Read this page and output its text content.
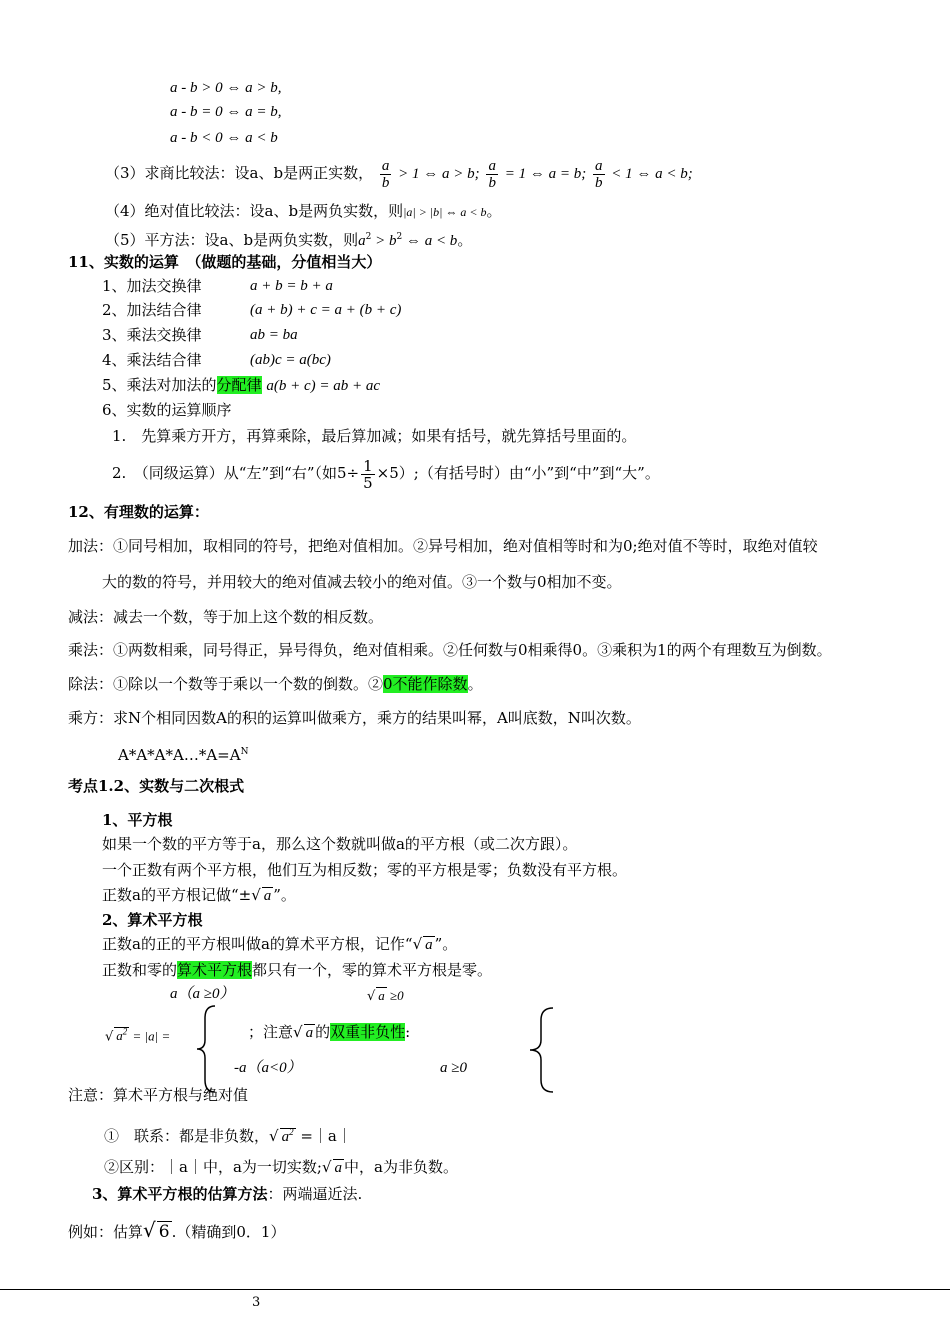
a - b > 0 ⇔ a > b,
a - b = 0 ⇔ a = b,
a - b < 0 ⇔ a < b
（3）求商比较法：设a、b是两正实数， $\frac{a}{b} > 1$ ⇔ a > b; $\frac{a}{b} = 1$ ⇔ a = b; $\frac{a}{b} < 1$ ⇔ a < b;
（4）绝对值比较法：设a、b是两负实数，则|a| > |b| ⇔ a < b。
（5）平方法：设a、b是两负实数，则$a^2 > b^2$ ⇔ a < b。
11、实数的运算　（做题的基础，分值相当大）
1、加法交换律	a + b = b + a
2、加法结合律	(a + b) + c = a + (b + c)
3、乘法交换律	ab = ba
4、乘法结合律	(ab)c = a(bc)
5、乘法对加法的分配律 a(b + c) = ab + ac
6、实数的运算顺序
1.　先算乘方开方，再算乘除，最后算加减；如果有括号，就先算括号里面的。
2.　（同级运算）从“左”到“右”（如$5\div \frac{1}{5}$ ×5）;（有括号时）由“小”到“中”到“大”。
12、有理数的运算：
加法：①同号相加，取相同的符号，把绝对值相加。②异号相加，绝对值相等时和为0;绝对值不等时，取绝对值较
大的数的符号，并用较大的绝对值减去较小的绝对值。③一个数与0相加不变。
减法：减去一个数，等于加上这个数的相反数。
乘法：①两数相乘，同号得正，异号得负，绝对值相乘。②任何数与0相乘得0。③乘积为1的两个有理数互为倒数。
除法：①除以一个数等于乘以一个数的倒数。②0不能作除数。
乘方：求N个相同因数A的积的运算叫做乘方，乘方的结果叫幂，A叫底数，N叫次数。
$A*A*A*A\dots*A=A^N$
考点1.2、实数与二次根式
1、平方根
如果一个数的平方等于a，那么这个数就叫做a的平方根（或二次方跟）。
一个正数有两个平方根，他们互为相反数；零的平方根是零；负数没有平方根。
正数a的平方根记做“±√ a ”。
2、算术平方根
正数a的正的平方根叫做a的算术平方根，记作“√ a ”。
正数和零的算术平方根都只有一个，零的算术平方根是零。
a（a ≥0）	√ a ≥0
√ $a^2 = |a|$ =	；注意√ a 的双重非负性:
-a（a<0）	a ≥0
注意：算术平方根与绝对值
①　联系：都是非负数，√ $a^2$ =｜a｜
②区别：｜a｜中，a为一切实数;√ a 中，a为非负数。
3、算术平方根的估算方法：两端逼近法.
例如：估算√ 6 .（精确到0．1）
3
